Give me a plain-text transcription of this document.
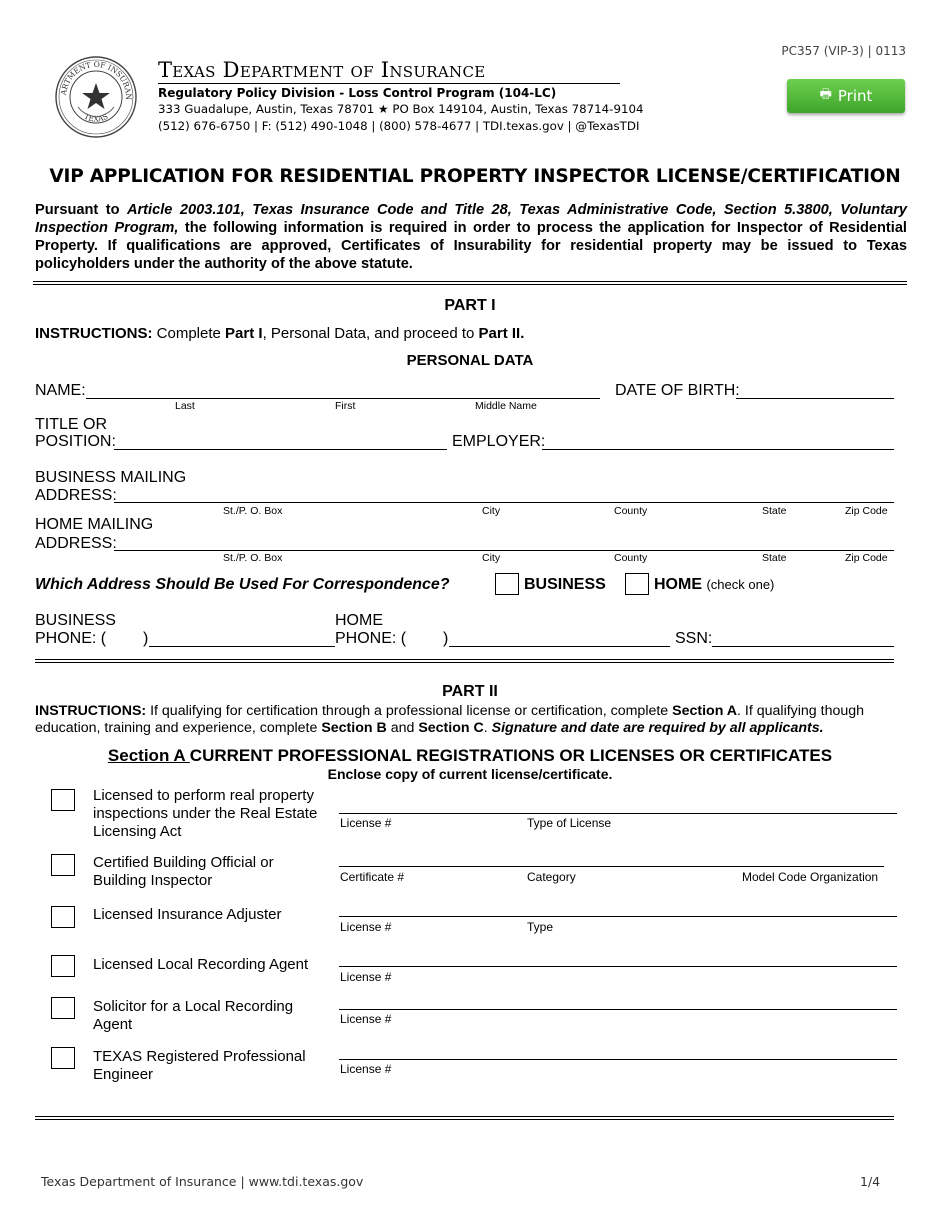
PC357 (VIP-3) | 0113
🖶 Print
ARTMENT OF INSURAN
TEXAS
Texas Department of Insurance
Regulatory Policy Division - Loss Control Program (104-LC)
333 Guadalupe, Austin, Texas 78701 ★ PO Box 149104, Austin, Texas 78714-9104
(512) 676-6750 | F: (512) 490-1048 | (800) 578-4677 | TDI.texas.gov | @TexasTDI
VIP APPLICATION FOR RESIDENTIAL PROPERTY INSPECTOR LICENSE/CERTIFICATION
Pursuant to Article 2003.101, Texas Insurance Code and Title 28, Texas Administrative Code, Section 5.3800, Voluntary Inspection Program, the following information is required in order to process the application for Inspector of Residential Property. If qualifications are approved, Certificates of Insurability for residential property may be issued to Texas policyholders under the authority of the above statute.
PART I
INSTRUCTIONS: Complete Part I, Personal Data, and proceed to Part II.
PERSONAL DATA
NAME:
Last	First	Middle Name
DATE OF BIRTH:
TITLE OR
POSITION:	EMPLOYER:
BUSINESS MAILING
ADDRESS:
St./P. O. Box	City	County	State	Zip Code
HOME MAILING
ADDRESS:
St./P. O. Box	City	County	State	Zip Code
Which Address Should Be Used For Correspondence?	BUSINESS	HOME (check one)
BUSINESS
PHONE: ( )
HOME
PHONE: ( )	SSN:
PART II
INSTRUCTIONS: If qualifying for certification through a professional license or certification, complete Section A. If qualifying though education, training and experience, complete Section B and Section C. Signature and date are required by all applicants.
Section A CURRENT PROFESSIONAL REGISTRATIONS OR LICENSES OR CERTIFICATES
Enclose copy of current license/certificate.
Licensed to perform real property inspections under the Real Estate Licensing Act	License #	Type of License
Certified Building Official or Building Inspector	Certificate #	Category	Model Code Organization
Licensed Insurance Adjuster
License #	Type
Licensed Local Recording Agent
License #
Solicitor for a Local Recording Agent	License #
TEXAS Registered Professional Engineer	License #
Texas Department of Insurance | www.tdi.texas.gov	1/4
